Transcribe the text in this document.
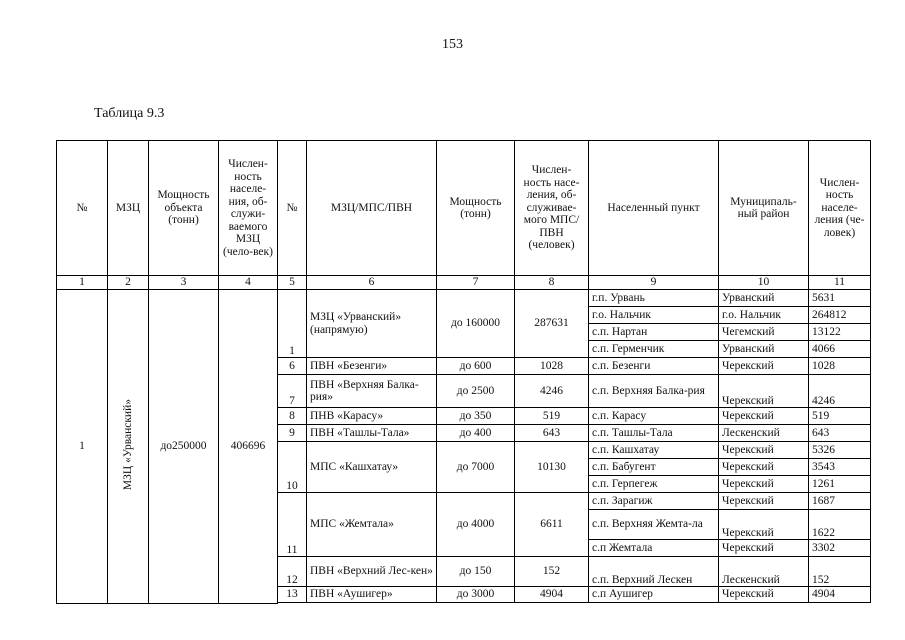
153
Таблица 9.3
№	МЗЦ	Мощность объекта (тонн)	Числен-ность населе-ния, об-служи-ваемого МЗЦ (чело-век)	№	МЗЦ/МПС/ПВН	Мощность (тонн)	Числен-ность насе-ления, об-служивае-мого МПС/ПВН (человек)	Населенный пункт	Муниципаль-ный район	Числен-ность населе-ления (че-ловек)
1	2	3	4	5	6	7	8	9	10	11
1	МЗЦ «Урванский»	до250000	406696	1	МЗЦ «Урванский» (напрямую)	до 160000	287631	г.п. Урвань	Урванский	5631
								г.о. Нальчик	г.о. Нальчик	264812
								с.п. Нартан	Чегемский	13122
								с.п. Герменчик	Урванский	4066
				6	ПВН «Безенги»	до 600	1028	с.п. Безенги	Черекский	1028
				7	ПВН «Верхняя Балка-рия»	до 2500	4246	с.п. Верхняя Балка-рия	Черекский	4246
				8	ПНВ «Карасу»	до 350	519	с.п. Карасу	Черекский	519
				9	ПВН «Ташлы-Тала»	до 400	643	с.п. Ташлы-Тала	Лескенский	643
				10	МПС «Кашхатау»	до 7000	10130	с.п. Кашхатау	Черекский	5326
								с.п. Бабугент	Черекский	3543
								с.п. Герпегеж	Черекский	1261
				11	МПС «Жемтала»	до 4000	6611	с.п. Зарагиж	Черекский	1687
								с.п. Верхняя Жемта-ла	Черекский	1622
								с.п Жемтала	Черекский	3302
				12	ПВН «Верхний Лес-кен»	до 150	152	с.п. Верхний Лескен	Лескенский	152
				13	ПВН «Аушигер»	до 3000	4904	с.п Аушигер	Черекский	4904
